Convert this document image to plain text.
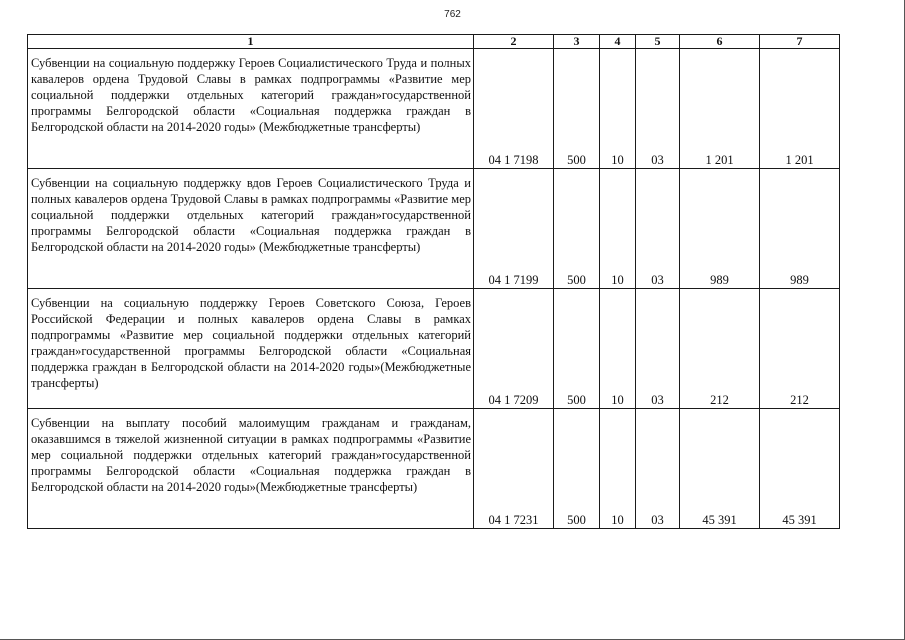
762
1	2	3	4	5	6	7
Субвенции на социальную поддержку Героев Социалистического Труда и полных кавалеров ордена Трудовой Славы в рамках подпрограммы «Развитие мер социальной поддержки отдельных категорий граждан»государственной программы Белгородской области «Социальная поддержка граждан в Белгородской области на 2014-2020 годы» (Межбюджетные трансферты)	04 1 7198	500	10	03	1 201	1 201
Субвенции на социальную поддержку вдов Героев Социалистического Труда и полных кавалеров ордена Трудовой Славы в рамках подпрограммы «Развитие мер социальной поддержки отдельных категорий граждан»государственной программы Белгородской области «Социальная поддержка граждан в Белгородской области на 2014-2020 годы» (Межбюджетные трансферты)	04 1 7199	500	10	03	989	989
Субвенции на социальную поддержку Героев Советского Союза, Героев Российской Федерации и полных кавалеров ордена Славы в рамках подпрограммы «Развитие мер социальной поддержки отдельных категорий граждан»государственной программы Белгородской области «Социальная поддержка граждан в Белгородской области на 2014-2020 годы»(Межбюджетные трансферты)	04 1 7209	500	10	03	212	212
Субвенции на выплату пособий малоимущим гражданам и гражданам, оказавшимся в тяжелой жизненной ситуации в рамках подпрограммы «Развитие мер социальной поддержки отдельных категорий граждан»государственной программы Белгородской области «Социальная поддержка граждан в Белгородской области на 2014-2020 годы»(Межбюджетные трансферты)	04 1 7231	500	10	03	45 391	45 391
